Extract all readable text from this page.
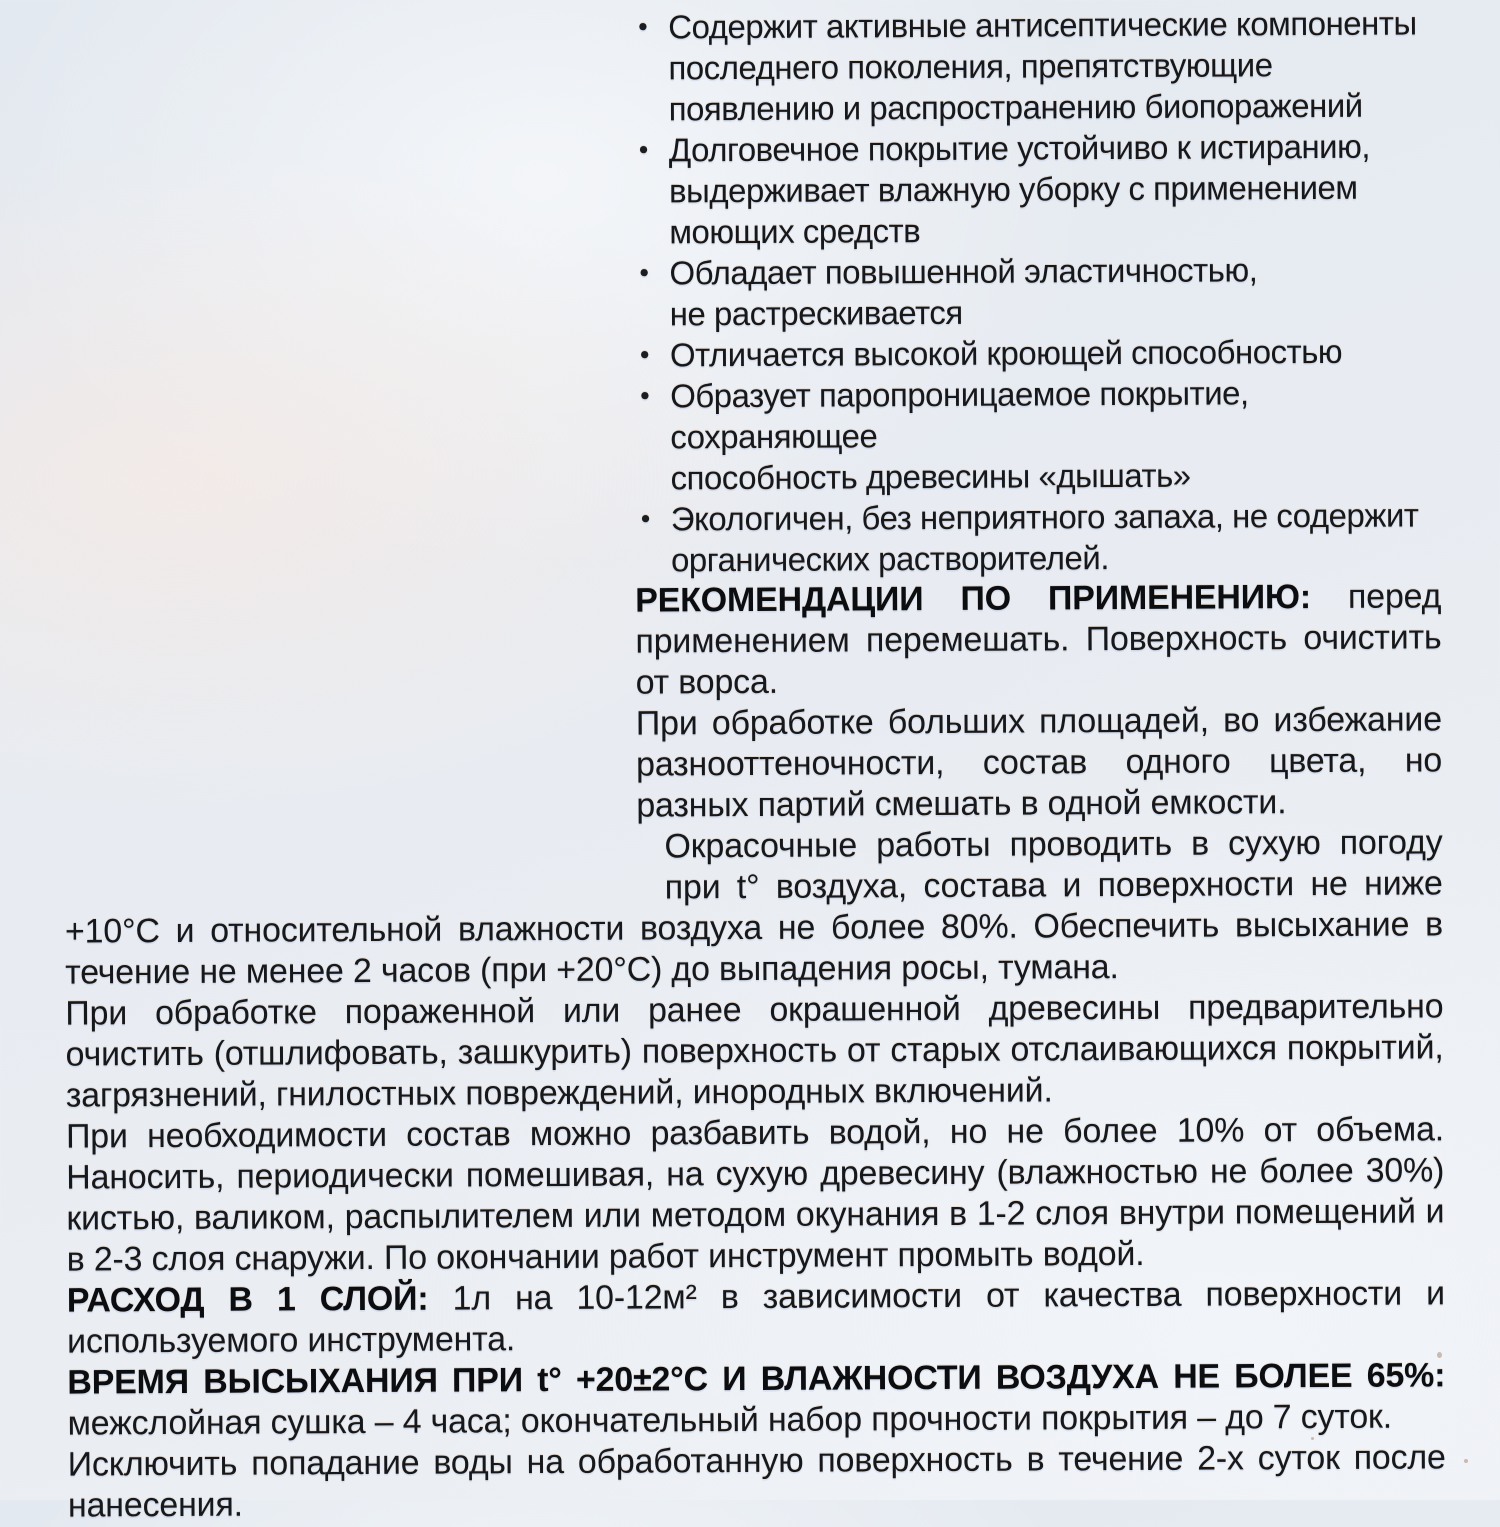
• Содержит активные антисептические компоненты
последнего поколения, препятствующие
появлению и распространению биопоражений
• Долговечное покрытие устойчиво к истиранию,
выдерживает влажную уборку с применением
моющих средств
• Обладает повышенной эластичностью,
не растрескивается
• Отличается высокой кроющей способностью
• Образует паропроницаемое покрытие, сохраняющее
способность древесины «дышать»
• Экологичен, без неприятного запаха, не содержит
органических растворителей.

РЕКОМЕНДАЦИИ ПО ПРИМЕНЕНИЮ: перед применением перемешать. Поверхность очистить от ворса.

При обработке больших площадей, во избежание разнооттеночности, состав одного цвета, но разных партий смешать в одной емкости.

Окрасочные работы проводить в сухую погоду при t° воздуха, состава и поверхности не ниже +10°С и относительной влажности воздуха не более 80%. Обеспечить высыхание в течение не менее 2 часов (при +20°С) до выпадения росы, тумана.

При обработке пораженной или ранее окрашенной древесины предварительно очистить (отшлифовать, зашкурить) поверхность от старых отслаивающихся покрытий, загрязнений, гнилостных повреждений, инородных включений.

При необходимости состав можно разбавить водой, но не более 10% от объема. Наносить, периодически помешивая, на сухую древесину (влажностью не более 30%) кистью, валиком, распылителем или методом окунания в 1-2 слоя внутри помещений и в 2-3 слоя снаружи. По окончании работ инструмент промыть водой.

РАСХОД В 1 СЛОЙ: 1л на 10-12м² в зависимости от качества поверхности и используемого инструмента.

ВРЕМЯ ВЫСЫХАНИЯ ПРИ t° +20±2°С И ВЛАЖНОСТИ ВОЗДУХА НЕ БОЛЕЕ 65%:

межслойная сушка – 4 часа; окончательный набор прочности покрытия – до 7 суток.

Исключить попадание воды на обработанную поверхность в течение 2-х суток после нанесения.
